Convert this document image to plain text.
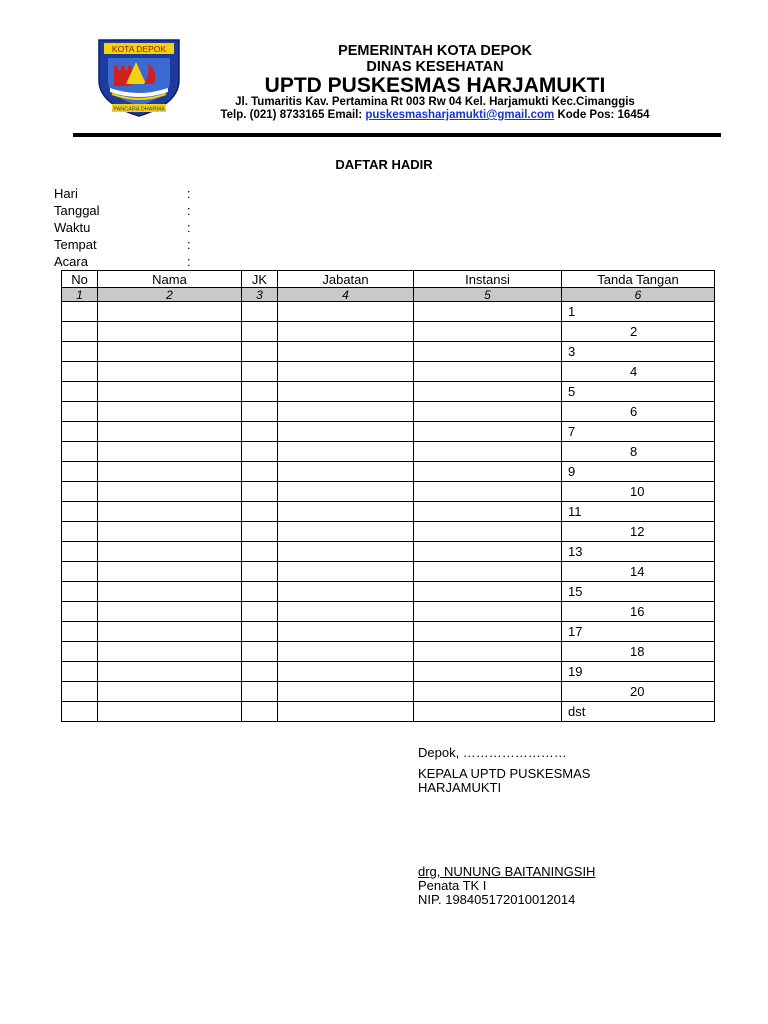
KOTA DEPOK
PANCARA DHARMA
PEMERINTAH KOTA DEPOK
DINAS KESEHATAN
UPTD PUSKESMAS HARJAMUKTI
Jl. Tumaritis Kav. Pertamina Rt 003 Rw 04 Kel. Harjamukti Kec.Cimanggis
Telp. (021) 8733165 Email: puskesmasharjamukti@gmail.com Kode Pos: 16454
DAFTAR HADIR
Hari	:
Tanggal	:
Waktu	:
Tempat	:
Acara	:
No	Nama	JK	Jabatan	Instansi	Tanda Tangan
1	2	3	4	5	6
					1
					2
					3
					4
					5
					6
					7
					8
					9
					10
					11
					12
					13
					14
					15
					16
					17
					18
					19
					20
					dst
Depok, ……………………
KEPALA UPTD PUSKESMAS
HARJAMUKTI
drg, NUNUNG BAITANINGSIH
Penata TK I
NIP. 198405172010012014
